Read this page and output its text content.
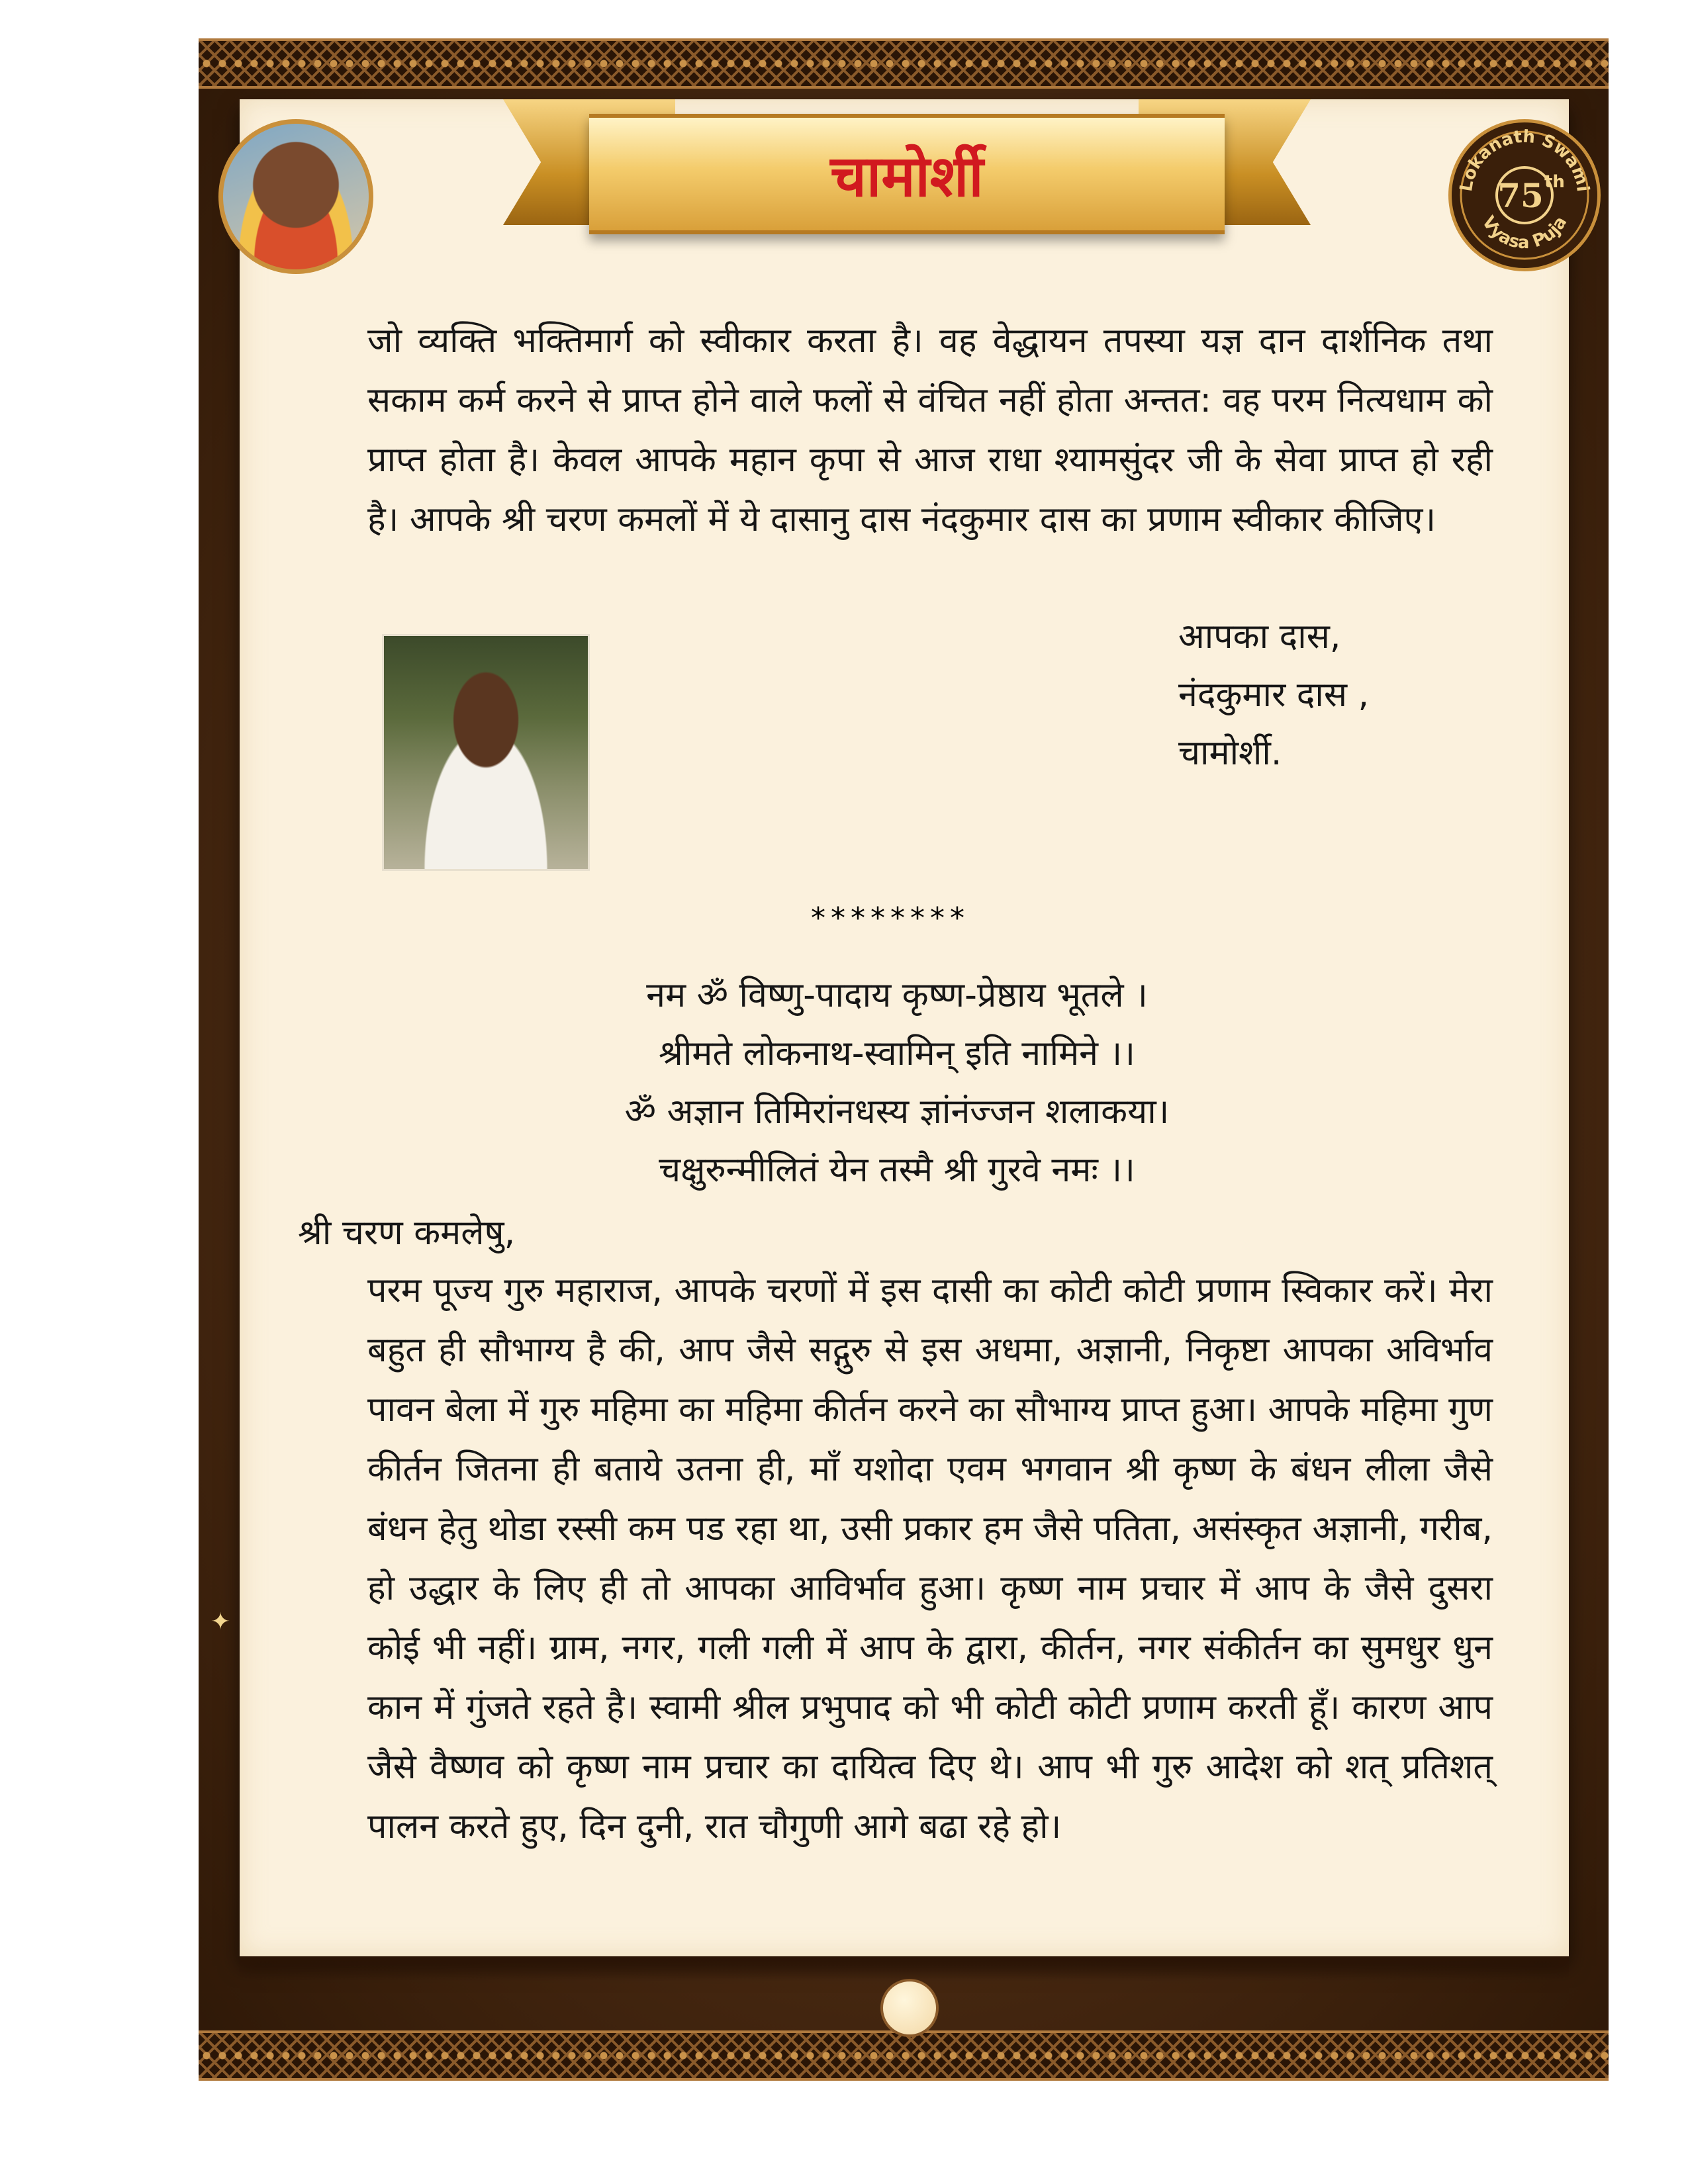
चामोर्शी	Lokanath Swami
75 th
Vyasa Puja

जो व्यक्ति भक्तिमार्ग को स्वीकार करता है। वह वेद्धायन तपस्या यज्ञ दान दार्शनिक तथा सकाम कर्म करने से प्राप्त होने वाले फलों से वंचित नहीं होता अन्तत: वह परम नित्यधाम को प्राप्त होता है। केवल आपके महान कृपा से आज राधा श्यामसुंदर जी के सेवा प्राप्त हो रही है। आपके श्री चरण कमलों में ये दासानु दास नंदकुमार दास का प्रणाम स्वीकार कीजिए।

आपका दास,
नंदकुमार दास ,
चामोर्शी.
********
नम ॐ विष्णु-पादाय कृष्ण-प्रेष्ठाय भूतले ।
श्रीमते लोकनाथ-स्वामिन् इति नामिने ।।
ॐ अज्ञान तिमिरांनधस्य ज्ञांनंज्जन शलाकया।
चक्षुरुन्मीलितं येन तस्मै श्री गुरवे नमः ।।
श्री चरण कमलेषु,

परम पूज्य गुरु महाराज, आपके चरणों में इस दासी का कोटी कोटी प्रणाम स्विकार करें। मेरा बहुत ही सौभाग्य है की, आप जैसे सद्गुरु से इस अधमा, अज्ञानी, निकृष्टा आपका अविर्भाव पावन बेला में गुरु महिमा का महिमा कीर्तन करने का सौभाग्य प्राप्त हुआ। आपके महिमा गुण कीर्तन जितना ही बताये उतना ही, माँ यशोदा एवम भगवान श्री कृष्ण के बंधन लीला जैसे बंधन हेतु थोडा रस्सी कम पड रहा था, उसी प्रकार हम जैसे पतिता, असंस्कृत अज्ञानी, गरीब, हो उद्धार के लिए ही तो आपका आविर्भाव हुआ। कृष्ण नाम प्रचार में आप के जैसे दुसरा कोई भी नहीं। ग्राम, नगर, गली गली में आप के द्वारा, कीर्तन, नगर संकीर्तन का सुमधुर धुन कान में गुंजते रहते है। स्वामी श्रील प्रभुपाद को भी कोटी कोटी प्रणाम करती हूँ। कारण आप जैसे वैष्णव को कृष्ण नाम प्रचार का दायित्व दिए थे। आप भी गुरु आदेश को शत् प्रतिशत् पालन करते हुए, दिन दुनी, रात चौगुणी आगे बढा रहे हो।

✦
